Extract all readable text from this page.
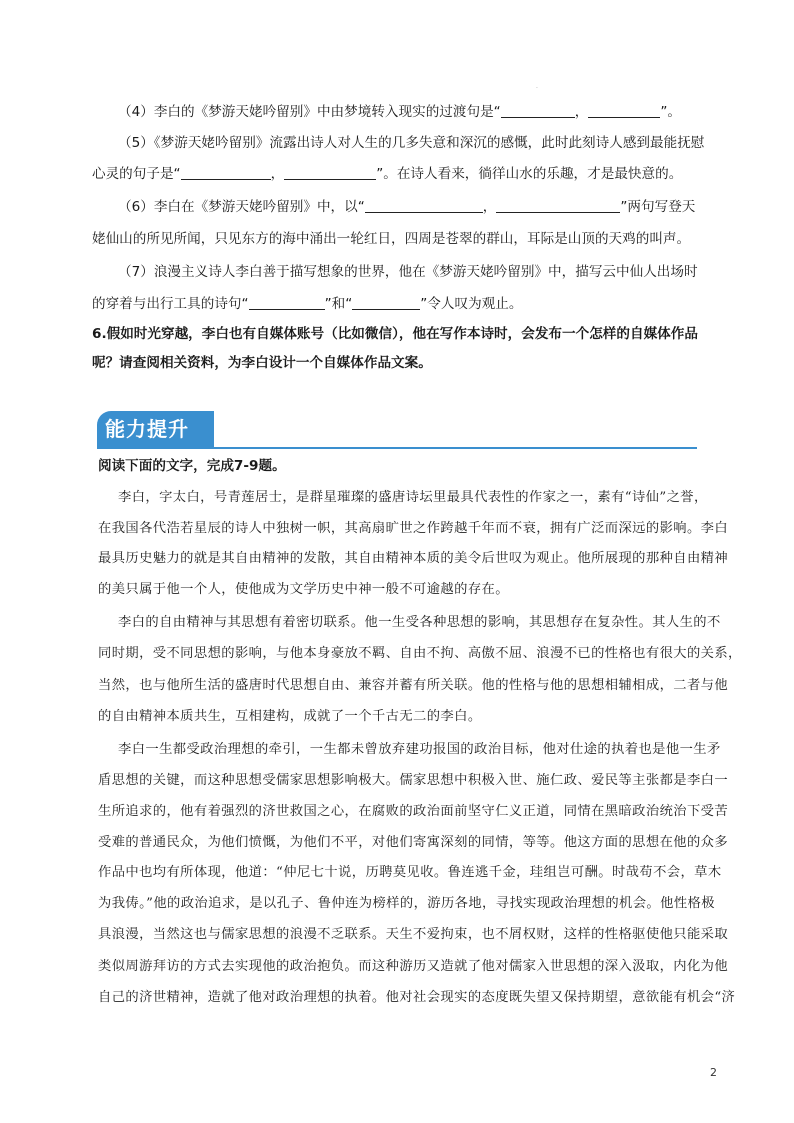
.
（4）李白的《梦游天姥吟留别》中由梦境转入现实的过渡句是“	，	”。
（5）《梦游天姥吟留别》流露出诗人对人生的几多失意和深沉的感慨，此时此刻诗人感到最能抚慰
心灵的句子是“	，	”。在诗人看来，徜徉山水的乐趣，才是最快意的。
（6）李白在《梦游天姥吟留别》中，以“	，	”两句写登天
姥仙山的所见所闻，只见东方的海中涌出一轮红日，四周是苍翠的群山，耳际是山顶的天鸡的叫声。
（7）浪漫主义诗人李白善于描写想象的世界，他在《梦游天姥吟留别》中，描写云中仙人出场时
的穿着与出行工具的诗句“	”和“	”令人叹为观止。
6.假如时光穿越，李白也有自媒体账号（比如微信），他在写作本诗时，会发布一个怎样的自媒体作品
呢？请查阅相关资料，为李白设计一个自媒体作品文案。
能力提升
阅读下面的文字，完成7-9题。
李白，字太白，号青莲居士，是群星璀璨的盛唐诗坛里最具代表性的作家之一，素有“诗仙”之誉，
在我国各代浩若星辰的诗人中独树一帜，其高扇旷世之作跨越千年而不衰，拥有广泛而深远的影响。李白
最具历史魅力的就是其自由精神的发散，其自由精神本质的美令后世叹为观止。他所展现的那种自由精神
的美只属于他一个人，使他成为文学历史中神一般不可逾越的存在。
李白的自由精神与其思想有着密切联系。他一生受各种思想的影响，其思想存在复杂性。其人生的不
同时期，受不同思想的影响，与他本身豪放不羁、自由不拘、高傲不屈、浪漫不已的性格也有很大的关系，
当然，也与他所生活的盛唐时代思想自由、兼容并蓄有所关联。他的性格与他的思想相辅相成，二者与他
的自由精神本质共生，互相建构，成就了一个千古无二的李白。
李白一生都受政治理想的牵引，一生都未曾放弃建功报国的政治目标，他对仕途的执着也是他一生矛
盾思想的关键，而这种思想受儒家思想影响极大。儒家思想中积极入世、施仁政、爱民等主张都是李白一
生所追求的，他有着强烈的济世救国之心，在腐败的政治面前坚守仁义正道，同情在黑暗政治统治下受苦
受难的普通民众，为他们愤慨，为他们不平，对他们寄寓深刻的同情，等等。他这方面的思想在他的众多
作品中也均有所体现，他道：“仲尼七十说，历聘莫见收。鲁连逃千金，珪组岂可酬。时哉苟不会，草木
为我俦。”他的政治追求，是以孔子、鲁仲连为榜样的，游历各地，寻找实现政治理想的机会。他性格极
具浪漫，当然这也与儒家思想的浪漫不乏联系。天生不爱拘束，也不屑权财，这样的性格驱使他只能采取
类似周游拜访的方式去实现他的政治抱负。而这种游历又造就了他对儒家入世思想的深入汲取，内化为他
自己的济世精神，造就了他对政治理想的执着。他对社会现实的态度既失望又保持期望，意欲能有机会“济
2
